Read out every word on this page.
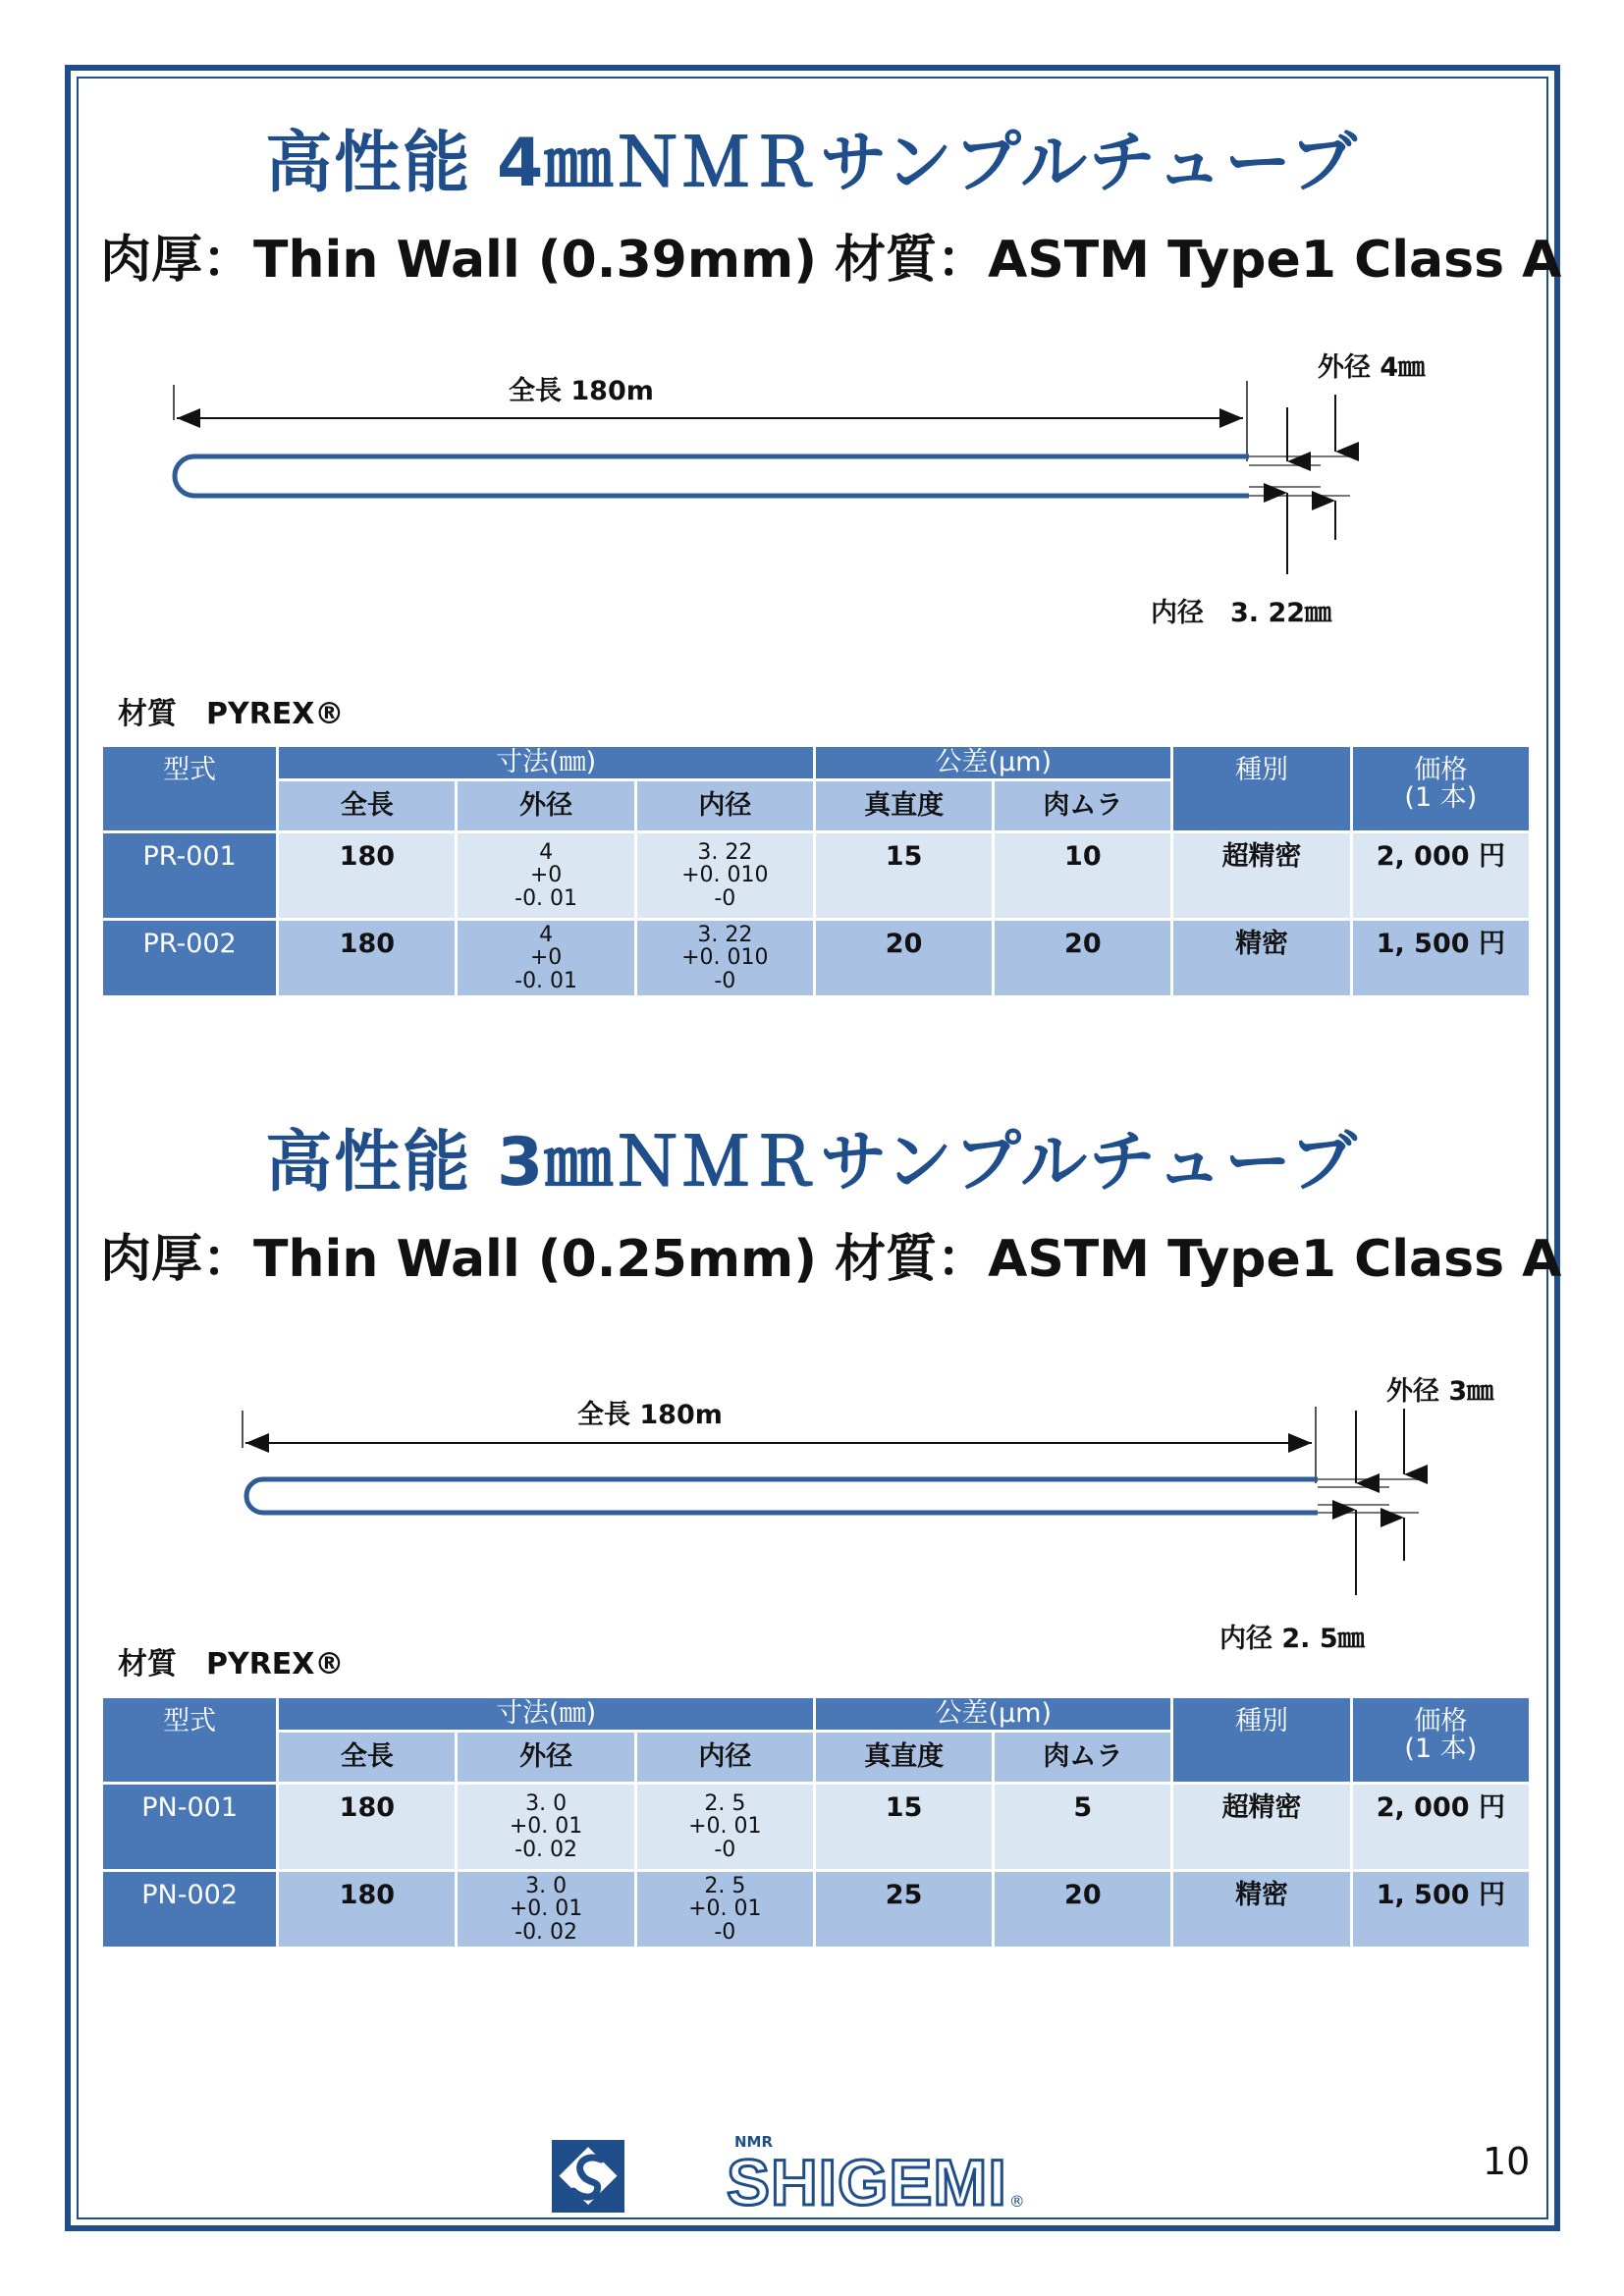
高性能 4㎜ＮＭＲサンプルチューブ
肉厚：Thin Wall (0.39mm) 材質：ASTM Type1 Class A
全長 180m
外径 4㎜
内径　3. 22㎜
材質　PYREX®
型式	寸法(㎜)			公差(μm)		種別	価格
(1 本)
	全長	外径	内径	真直度	肉ムラ		
PR-001	180	4
+0
-0. 01	3. 22
+0. 010
-0	15	10	超精密	2, 000 円
PR-002	180	4
+0
-0. 01	3. 22
+0. 010
-0	20	20	精密	1, 500 円
高性能 3㎜ＮＭＲサンプルチューブ
肉厚：Thin Wall (0.25mm) 材質：ASTM Type1 Class A
全長 180m
外径 3㎜
内径 2. 5㎜
材質　PYREX®
型式	寸法(㎜)			公差(μm)		種別	価格
(1 本)
	全長	外径	内径	真直度	肉ムラ		
PN-001	180	3. 0
+0. 01
-0. 02	2. 5
+0. 01
-0	15	5	超精密	2, 000 円
PN-002	180	3. 0
+0. 01
-0. 02	2. 5
+0. 01
-0	25	20	精密	1, 500 円
NMR
SHIGEMI ®
10
